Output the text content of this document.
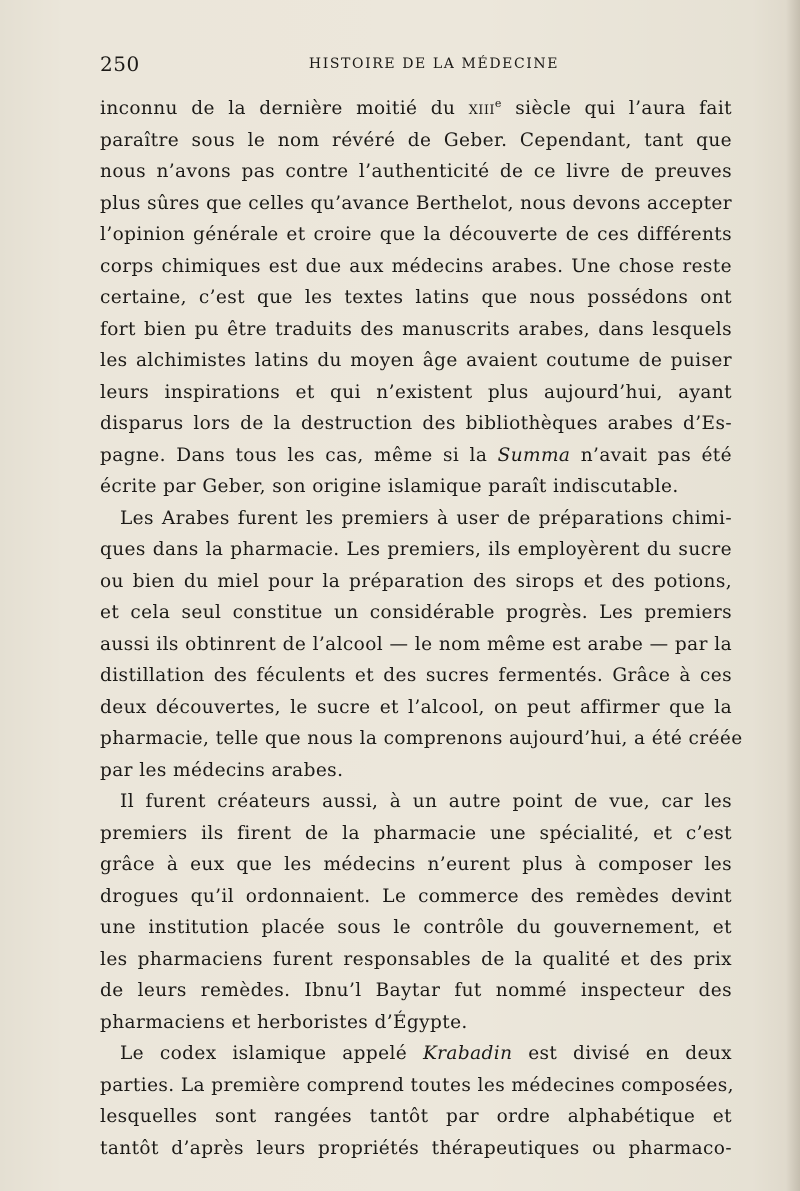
250	HISTOIRE DE LA MÉDECINE
inconnu de la dernière moitié du xiii$^e$ siècle qui l’aura fait
paraître sous le nom révéré de Geber. Cependant, tant que
nous n’avons pas contre l’authenticité de ce livre de preuves
plus sûres que celles qu’avance Berthelot, nous devons accepter
l’opinion générale et croire que la découverte de ces différents
corps chimiques est due aux médecins arabes. Une chose reste
certaine, c’est que les textes latins que nous possédons ont
fort bien pu être traduits des manuscrits arabes, dans lesquels
les alchimistes latins du moyen âge avaient coutume de puiser
leurs inspirations et qui n’existent plus aujourd’hui, ayant
disparus lors de la destruction des bibliothèques arabes d’Es-
pagne. Dans tous les cas, même si la Summa n’avait pas été
écrite par Geber, son origine islamique paraît indiscutable.
Les Arabes furent les premiers à user de préparations chimi-
ques dans la pharmacie. Les premiers, ils employèrent du sucre
ou bien du miel pour la préparation des sirops et des potions,
et cela seul constitue un considérable progrès. Les premiers
aussi ils obtinrent de l’alcool — le nom même est arabe — par la
distillation des féculents et des sucres fermentés. Grâce à ces
deux découvertes, le sucre et l’alcool, on peut affirmer que la
pharmacie, telle que nous la comprenons aujourd’hui, a été créée
par les médecins arabes.
Il furent créateurs aussi, à un autre point de vue, car les
premiers ils firent de la pharmacie une spécialité, et c’est
grâce à eux que les médecins n’eurent plus à composer les
drogues qu’il ordonnaient. Le commerce des remèdes devint
une institution placée sous le contrôle du gouvernement, et
les pharmaciens furent responsables de la qualité et des prix
de leurs remèdes. Ibnu’l Baytar fut nommé inspecteur des
pharmaciens et herboristes d’Égypte.
Le codex islamique appelé Krabadin est divisé en deux
parties. La première comprend toutes les médecines composées,
lesquelles sont rangées tantôt par ordre alphabétique et
tantôt d’après leurs propriétés thérapeutiques ou pharmaco-
